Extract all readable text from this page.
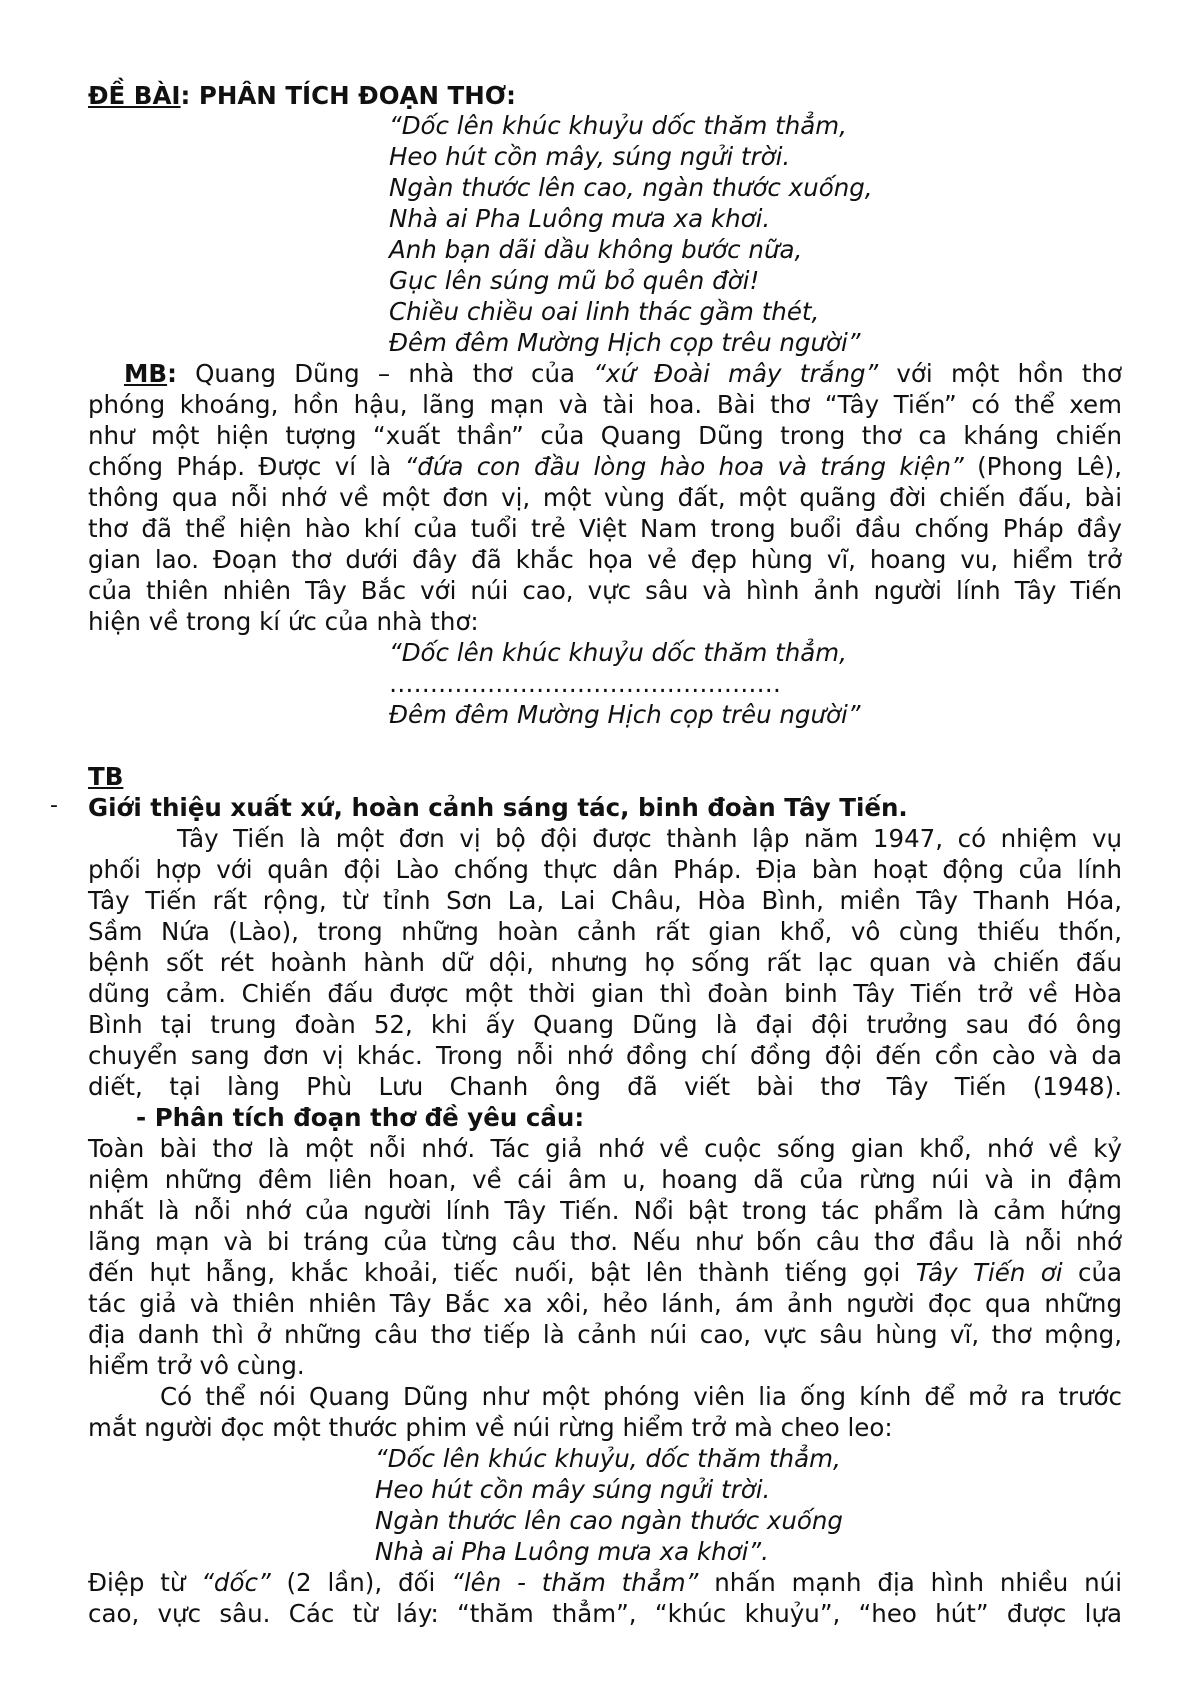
ĐỀ BÀI: PHÂN TÍCH ĐOẠN THƠ:
“Dốc lên khúc khuỷu dốc thăm thẳm,
Heo hút cồn mây, súng ngửi trời.
Ngàn thước lên cao, ngàn thước xuống,
Nhà ai Pha Luông mưa xa khơi.
Anh bạn dãi dầu không bước nữa,
Gục lên súng mũ bỏ quên đời!
Chiều chiều oai linh thác gầm thét,
Đêm đêm Mường Hịch cọp trêu người”
MB: Quang Dũng – nhà thơ của “xứ Đoài mây trắng” với một hồn thơ
phóng khoáng, hồn hậu, lãng mạn và tài hoa. Bài thơ “Tây Tiến” có thể xem
như một hiện tượng “xuất thần” của Quang Dũng trong thơ ca kháng chiến
chống Pháp. Được ví là “đứa con đầu lòng hào hoa và tráng kiện” (Phong Lê),
thông qua nỗi nhớ về một đơn vị, một vùng đất, một quãng đời chiến đấu, bài
thơ đã thể hiện hào khí của tuổi trẻ Việt Nam trong buổi đầu chống Pháp đầy
gian lao. Đoạn thơ dưới đây đã khắc họa vẻ đẹp hùng vĩ, hoang vu, hiểm trở
của thiên nhiên Tây Bắc với núi cao, vực sâu và hình ảnh người lính Tây Tiến
hiện về trong kí ức của nhà thơ:
“Dốc lên khúc khuỷu dốc thăm thẳm,
…………………………………………
Đêm đêm Mường Hịch cọp trêu người”
TB
- Giới thiệu xuất xứ, hoàn cảnh sáng tác, binh đoàn Tây Tiến.
Tây Tiến là một đơn vị bộ đội được thành lập năm 1947, có nhiệm vụ
phối hợp với quân đội Lào chống thực dân Pháp. Địa bàn hoạt động của lính
Tây Tiến rất rộng, từ tỉnh Sơn La, Lai Châu, Hòa Bình, miền Tây Thanh Hóa,
Sầm Nứa (Lào), trong những hoàn cảnh rất gian khổ, vô cùng thiếu thốn,
bệnh sốt rét hoành hành dữ dội, nhưng họ sống rất lạc quan và chiến đấu
dũng cảm. Chiến đấu được một thời gian thì đoàn binh Tây Tiến trở về Hòa
Bình tại trung đoàn 52, khi ấy Quang Dũng là đại đội trưởng sau đó ông
chuyển sang đơn vị khác. Trong nỗi nhớ đồng chí đồng đội đến cồn cào và da
diết, tại làng Phù Lưu Chanh ông đã viết bài thơ Tây Tiến (1948).
- Phân tích đoạn thơ đề yêu cầu:
Toàn bài thơ là một nỗi nhớ. Tác giả nhớ về cuộc sống gian khổ, nhớ về kỷ
niệm những đêm liên hoan, về cái âm u, hoang dã của rừng núi và in đậm
nhất là nỗi nhớ của người lính Tây Tiến. Nổi bật trong tác phẩm là cảm hứng
lãng mạn và bi tráng của từng câu thơ. Nếu như bốn câu thơ đầu là nỗi nhớ
đến hụt hẫng, khắc khoải, tiếc nuối, bật lên thành tiếng gọi Tây Tiến ơi của
tác giả và thiên nhiên Tây Bắc xa xôi, hẻo lánh, ám ảnh người đọc qua những
địa danh thì ở những câu thơ tiếp là cảnh núi cao, vực sâu hùng vĩ, thơ mộng,
hiểm trở vô cùng.
Có thể nói Quang Dũng như một phóng viên lia ống kính để mở ra trước
mắt người đọc một thước phim về núi rừng hiểm trở mà cheo leo:
“Dốc lên khúc khuỷu, dốc thăm thẳm,
Heo hút cồn mây súng ngửi trời.
Ngàn thước lên cao ngàn thước xuống
Nhà ai Pha Luông mưa xa khơi”.
Điệp từ “dốc” (2 lần), đối “lên - thăm thẳm” nhấn mạnh địa hình nhiều núi
cao, vực sâu. Các từ láy: “thăm thẳm”, “khúc khuỷu”, “heo hút” được lựa
